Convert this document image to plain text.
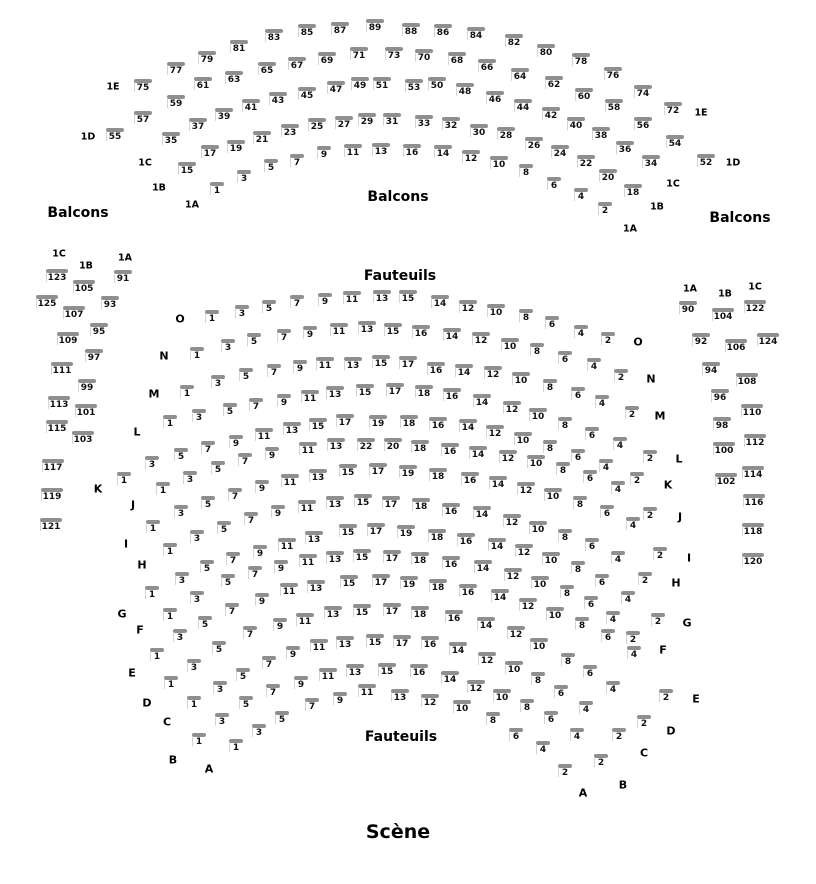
Balcons
Balcons
Balcons
Fauteuils
Fauteuils
Scène
75
77
79
81
83	85	87	89	88	86	84
82
80
78
76
74
72
55
57
59
61
63
65	67	69	71	73	70	68
66
64
62
60
58
56
54
52
35
37
39
41
43	45
47	49	51	53	50
48
46
44
42
40
38
36
34
15
17	19
21
23
25	27	29	31	33	32
30	28
26
24
22
20
18
1
3
5	7
9	11	13	16	14	12
10
8
6
4
2
1E
1D
1C
1B
1A
1E
1D
1C
1B
1A
123
105
91
125
107
93
109
95
111
97
113
99
115
101
117
103
119
121
1C
1B
1A
90
104
122
92
106
124
94
108
96
110
98
112
100
114
102
116
118
120
1A 1B
1C
O
O
1	3	5	7	9	11	13	15	14	12	10	8
6
4
2
N
N
1
3
5	7	9	11	13	15	16	14	12
10	8
6
4
2
M
M
1
3
5	7	9	11	13	15	17
16	14	12
10
8
6
4
2
L
L
1
3
5	7	9	11	13	15	17	18	16
14
12
10
8
6
4
2
K	K
1
3
5
7
9
11
13	15	17	19	18	16	14
12
10
8
6
4
2
J
J
1
3
5
7
9	11	13	22	20	18	16	14	12	10
8
6
4
2
I
I
1
3
5
7
9
11	13	15	17	19	18	16	14
12
10
8
6
4
2
H
H
1
3
5
7
9	11	13	15	17	18	16	14
12
10
8
6
4
2
G
G
1
3
5
7
9
11
13
15	17	19	18	16	14
12
10
8
6
4
2
F
F
1
3
5
7
9
11	13	15	17	18	16	14
12
10
8
6
4
2
E
E
1
3
5
7
9
11	13	15	17	19	18	16	14
12
10
8
6
4
2
D
D
1
3
5
7
9	11
13	15	17	18	16
14
12
10
8
6
4
2
C
C
1
3
5
7
9
11	13	15	17	16
14
12
10
8
6
4
2
B
B
1
3
5
7
9
11	13	15	16
14
12
10
8
6
4
2
A
A
1
3
5
7
9
11	13	12
10
8
6
4
2
